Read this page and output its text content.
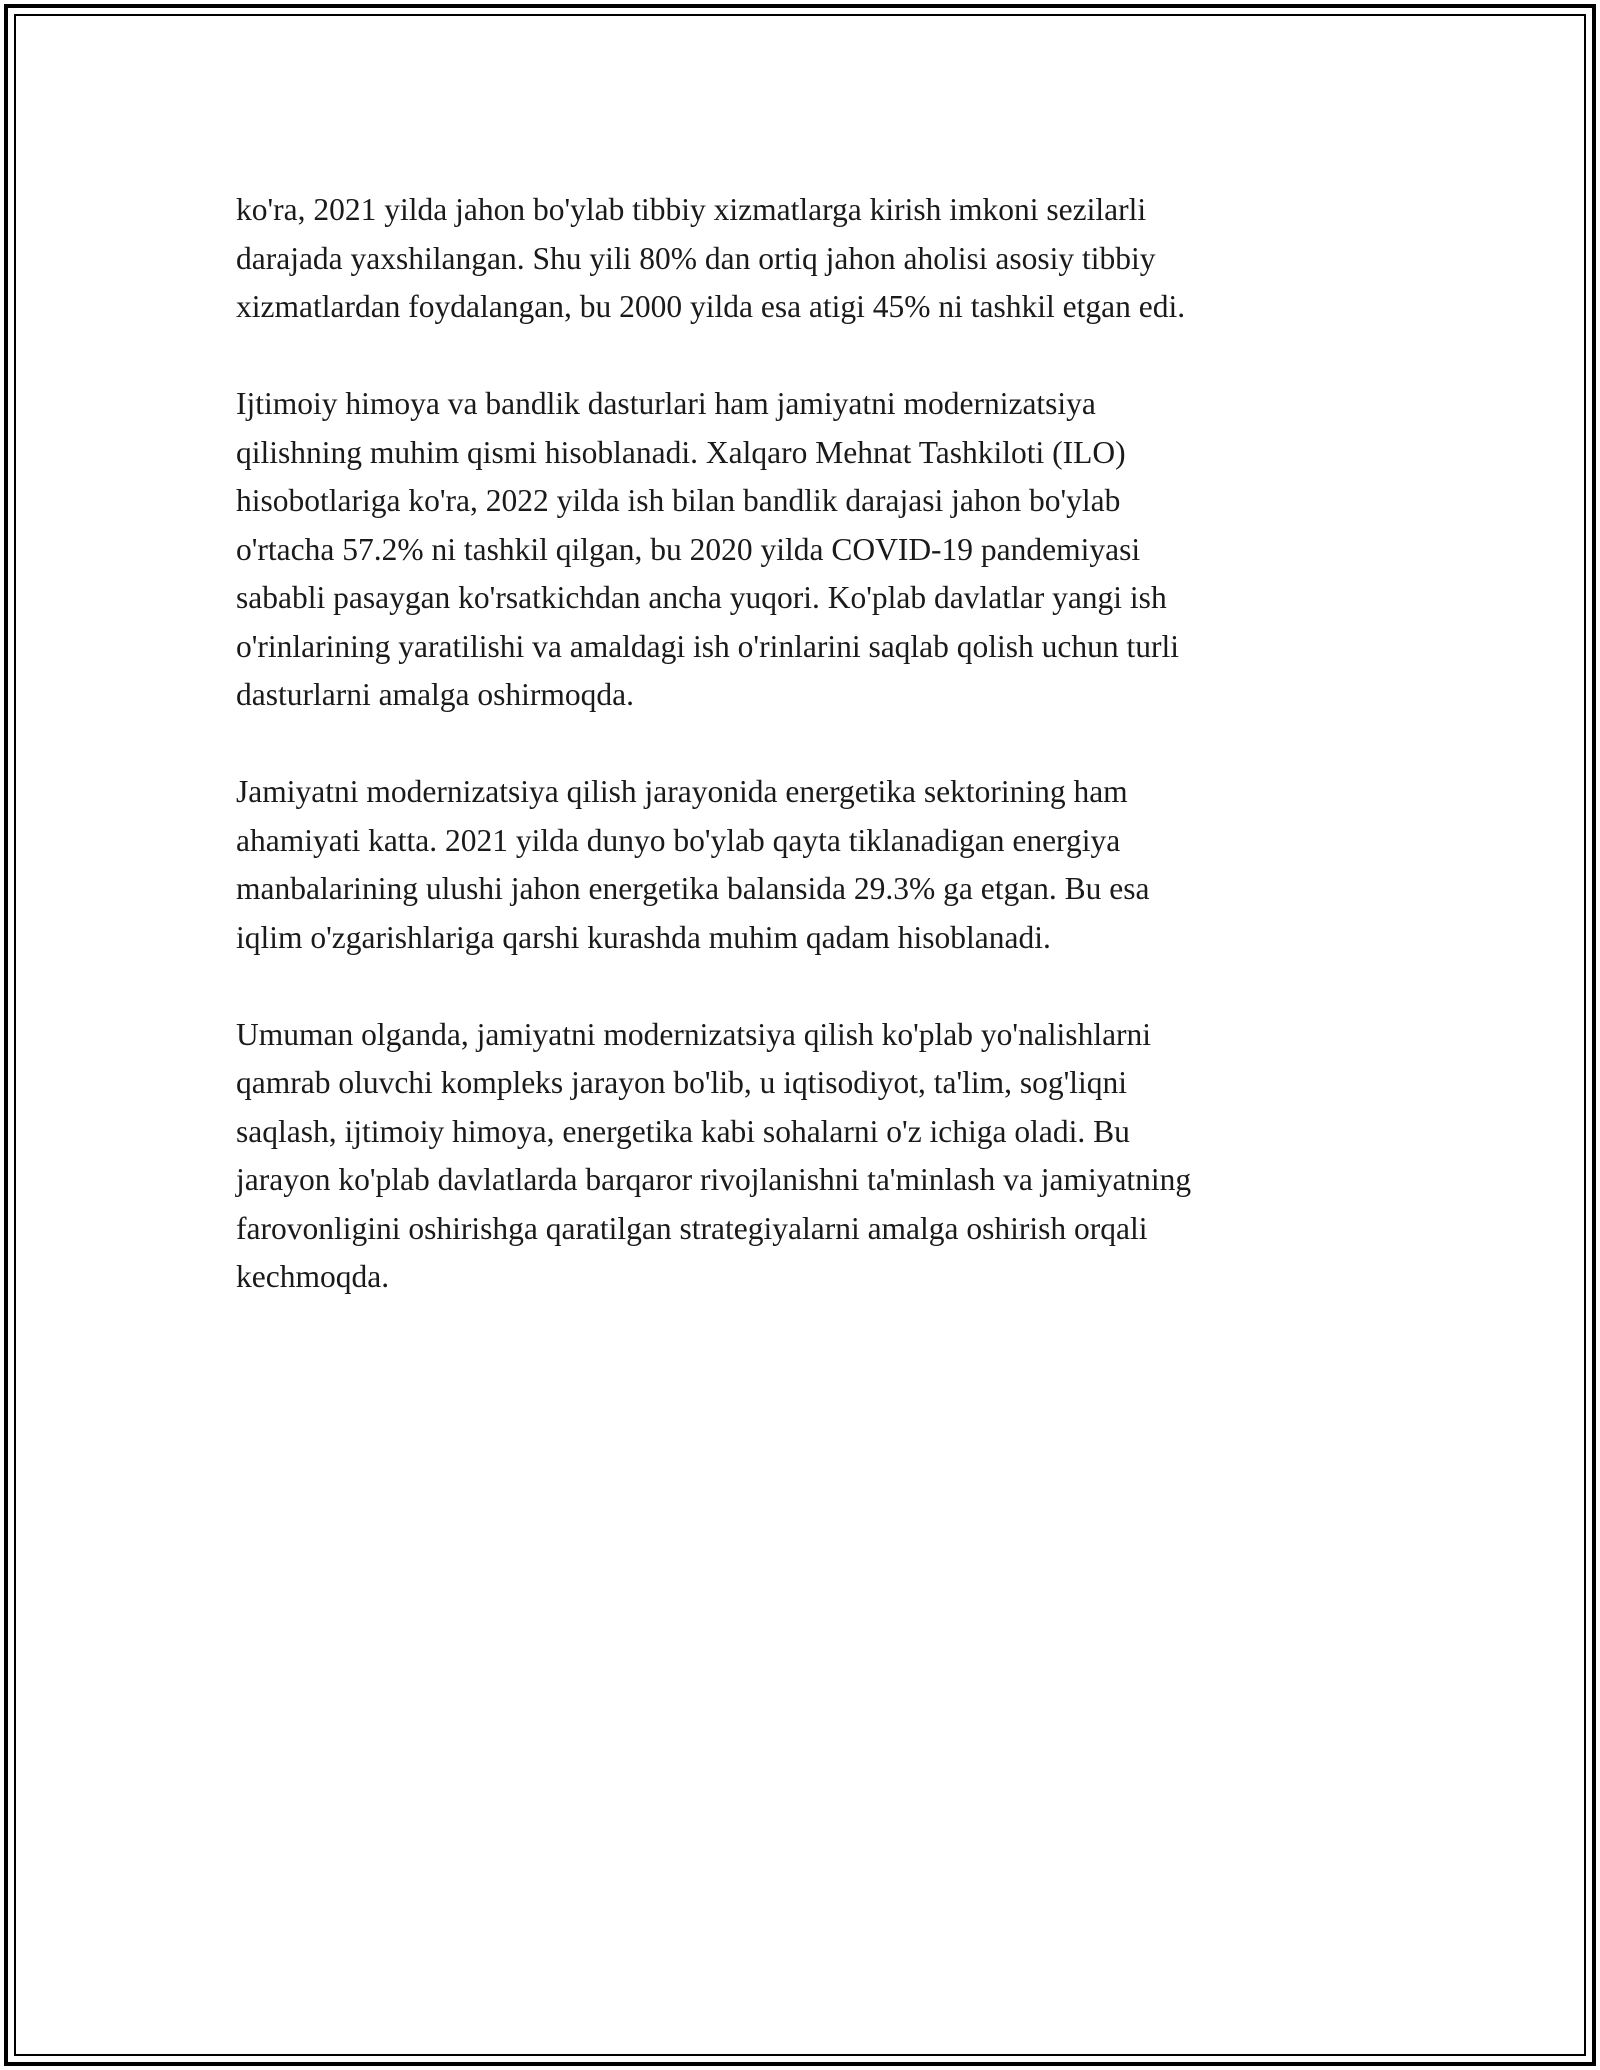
ko'ra, 2021 yilda jahon bo'ylab tibbiy xizmatlarga kirish imkoni sezilarli
darajada yaxshilangan. Shu yili 80% dan ortiq jahon aholisi asosiy tibbiy
xizmatlardan foydalangan, bu 2000 yilda esa atigi 45% ni tashkil etgan edi.

Ijtimoiy himoya va bandlik dasturlari ham jamiyatni modernizatsiya
qilishning muhim qismi hisoblanadi. Xalqaro Mehnat Tashkiloti (ILO)
hisobotlariga ko'ra, 2022 yilda ish bilan bandlik darajasi jahon bo'ylab
o'rtacha 57.2% ni tashkil qilgan, bu 2020 yilda COVID-19 pandemiyasi
sababli pasaygan ko'rsatkichdan ancha yuqori. Ko'plab davlatlar yangi ish
o'rinlarining yaratilishi va amaldagi ish o'rinlarini saqlab qolish uchun turli
dasturlarni amalga oshirmoqda.

Jamiyatni modernizatsiya qilish jarayonida energetika sektorining ham
ahamiyati katta. 2021 yilda dunyo bo'ylab qayta tiklanadigan energiya
manbalarining ulushi jahon energetika balansida 29.3% ga etgan. Bu esa
iqlim o'zgarishlariga qarshi kurashda muhim qadam hisoblanadi.

Umuman olganda, jamiyatni modernizatsiya qilish ko'plab yo'nalishlarni
qamrab oluvchi kompleks jarayon bo'lib, u iqtisodiyot, ta'lim, sog'liqni
saqlash, ijtimoiy himoya, energetika kabi sohalarni o'z ichiga oladi. Bu
jarayon ko'plab davlatlarda barqaror rivojlanishni ta'minlash va jamiyatning
farovonligini oshirishga qaratilgan strategiyalarni amalga oshirish orqali
kechmoqda.
